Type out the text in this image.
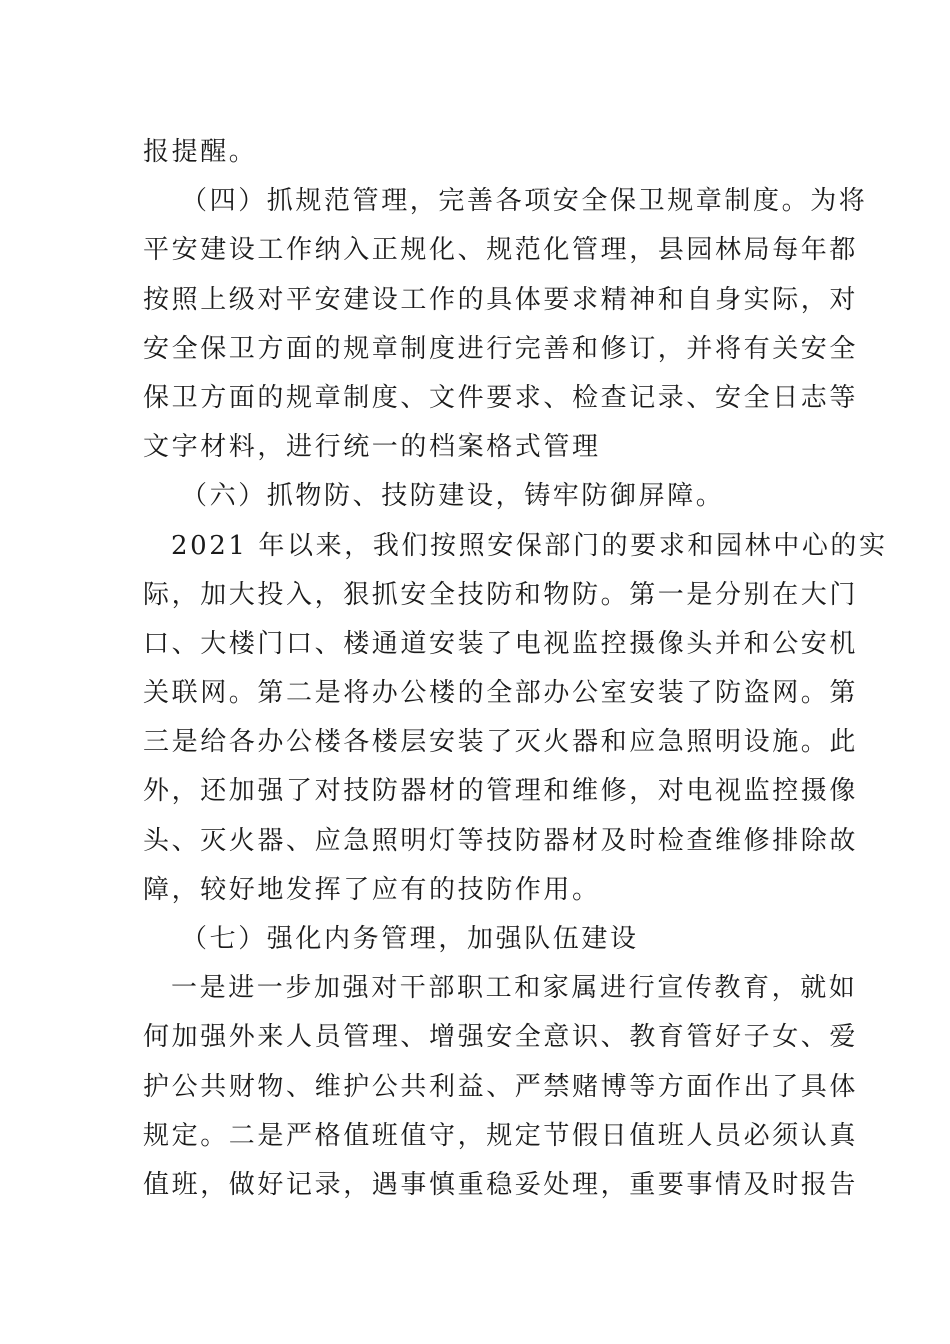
报提醒。
（四）抓规范管理，完善各项安全保卫规章制度。为将
平安建设工作纳入正规化、规范化管理，县园林局每年都
按照上级对平安建设工作的具体要求精神和自身实际，对
安全保卫方面的规章制度进行完善和修订，并将有关安全
保卫方面的规章制度、文件要求、检查记录、安全日志等
文字材料，进行统一的档案格式管理
（六）抓物防、技防建设，铸牢防御屏障。
2021 年以来，我们按照安保部门的要求和园林中心的实
际，加大投入，狠抓安全技防和物防。第一是分别在大门
口、大楼门口、楼通道安装了电视监控摄像头并和公安机
关联网。第二是将办公楼的全部办公室安装了防盗网。第
三是给各办公楼各楼层安装了灭火器和应急照明设施。此
外，还加强了对技防器材的管理和维修，对电视监控摄像
头、灭火器、应急照明灯等技防器材及时检查维修排除故
障，较好地发挥了应有的技防作用。
（七）强化内务管理，加强队伍建设
一是进一步加强对干部职工和家属进行宣传教育，就如
何加强外来人员管理、增强安全意识、教育管好子女、爱
护公共财物、维护公共利益、严禁赌博等方面作出了具体
规定。二是严格值班值守，规定节假日值班人员必须认真
值班，做好记录，遇事慎重稳妥处理，重要事情及时报告
